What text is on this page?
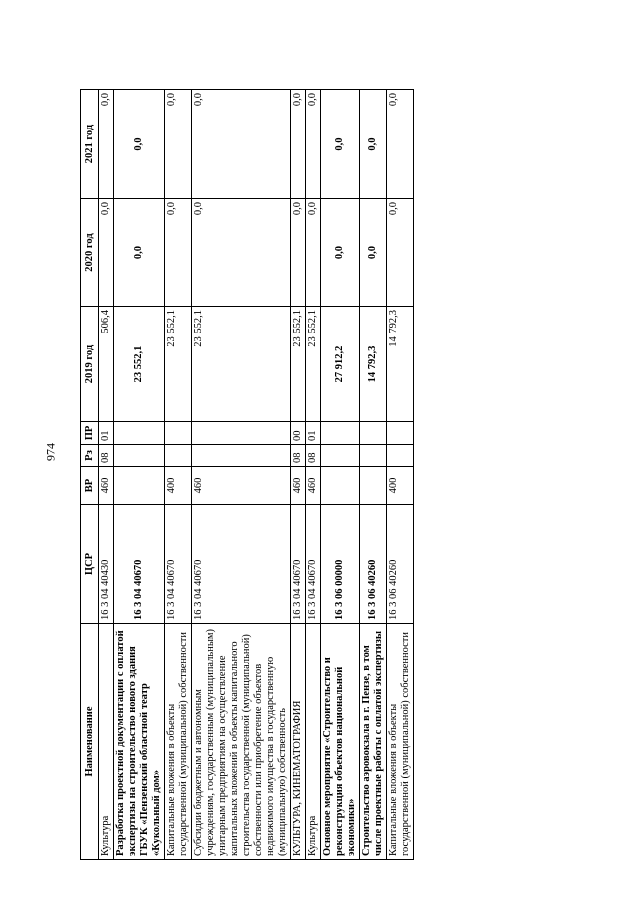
974
Наименование	ЦСР	ВР	Рз	ПР	2019 год	2020 год	2021 год
Культура	16 3 04 40430	460	08	01	506,4	0,0	0,0
Разработка проектной документации с оплатой экспертизы на строительство нового здания ГБУК «Пензенский областной театр «Кукольный дом»	16 3 04 40670				23 552,1	0,0	0,0
Капитальные вложения в объекты государственной (муниципальной) собственности	16 3 04 40670	400			23 552,1	0,0	0,0
Субсидии бюджетным и автономным учреждениям, государственным (муниципальным) унитарным предприятиям на осуществление капитальных вложений в объекты капитального строительства государственной (муниципальной) собственности или приобретение объектов недвижимого имущества в государственную (муниципальную) собственность	16 3 04 40670	460			23 552,1	0,0	0,0
КУЛЬТУРА, КИНЕМАТОГРАФИЯ	16 3 04 40670	460	08	00	23 552,1	0,0	0,0
Культура	16 3 04 40670	460	08	01	23 552,1	0,0	0,0
Основное мероприятие «Строительство и реконструкция объектов национальной экономики»	16 3 06 00000				27 912,2	0,0	0,0
Строительство аэровокзала в г. Пензе, в том числе проектные работы с оплатой экспертизы	16 3 06 40260				14 792,3	0,0	0,0
Капитальные вложения в объекты государственной (муниципальной) собственности	16 3 06 40260	400			14 792,3	0,0	0,0
